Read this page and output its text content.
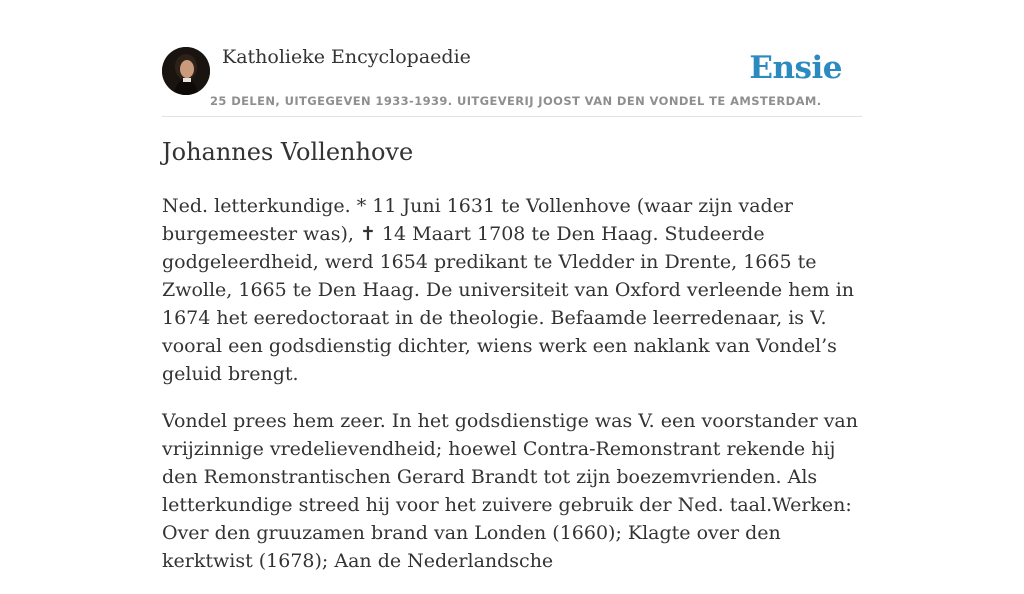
Katholieke Encyclopaedie
25 DELEN, UITGEGEVEN 1933-1939. UITGEVERIJ JOOST VAN DEN VONDEL TE AMSTERDAM.
Ensie
Johannes Vollenhove

Ned. letterkundige. * 11 Juni 1631 te Vollenhove (waar zijn vader burgemeester was), ✝ 14 Maart 1708 te Den Haag. Studeerde godgeleerdheid, werd 1654 predikant te Vledder in Drente, 1665 te Zwolle, 1665 te Den Haag. De universiteit van Oxford verleende hem in 1674 het eeredoctoraat in de theologie. Befaamde leerredenaar, is V. vooral een godsdienstig dichter, wiens werk een naklank van Vondel’s geluid brengt.

Vondel prees hem zeer. In het godsdienstige was V. een voorstander van vrijzinnige vredelievendheid; hoewel Contra-Remonstrant rekende hij den Remonstrantischen Gerard Brandt tot zijn boezemvrienden. Als letterkundige streed hij voor het zuivere gebruik der Ned. taal.Werken: Over den gruuzamen brand van Londen (1660); Klagte over den kerktwist (1678); Aan de Nederlandsche
